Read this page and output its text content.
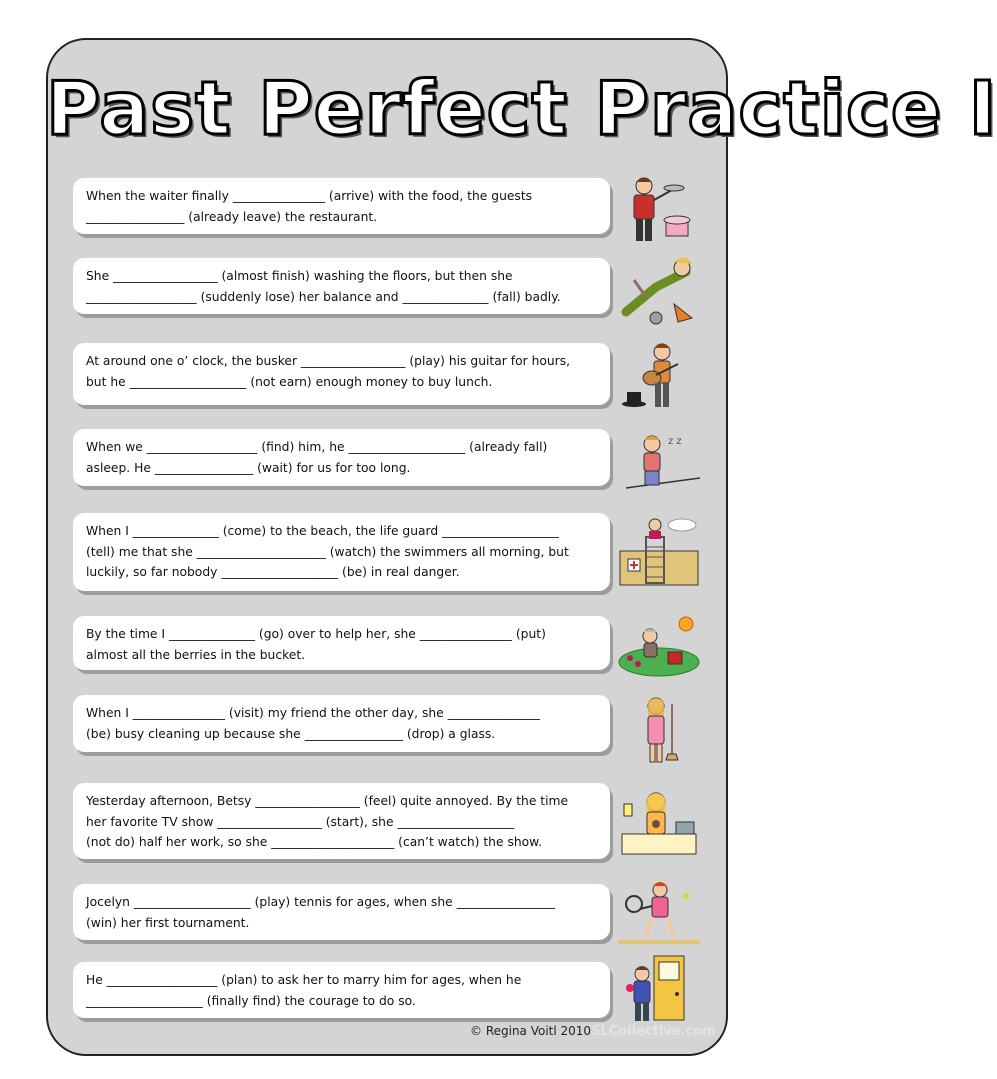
Past Perfect Practice I
When the waiter finally _______________ (arrive) with the food, the guests
________________ (already leave) the restaurant.
She _________________ (almost finish) washing the floors, but then she
__________________ (suddenly lose) her balance and ______________ (fall) badly.
At around one o’ clock, the busker _________________ (play) his guitar for hours,
but he ___________________ (not earn) enough money to buy lunch.
When we __________________ (find) him, he ___________________ (already fall)
asleep. He ________________ (wait) for us for too long.
z z
When I ______________ (come) to the beach, the life guard ___________________
(tell) me that she _____________________ (watch) the swimmers all morning, but
luckily, so far nobody ___________________ (be) in real danger.
By the time I ______________ (go) over to help her, she _______________ (put)
almost all the berries in the bucket.
When I _______________ (visit) my friend the other day, she _______________
(be) busy cleaning up because she ________________ (drop) a glass.
Yesterday afternoon, Betsy _________________ (feel) quite annoyed. By the time
her favorite TV show _________________ (start), she ___________________
(not do) half her work, so she ____________________ (can’t watch) the show.
Jocelyn ___________________ (play) tennis for ages, when she ________________
(win) her first tournament.
He __________________ (plan) to ask her to marry him for ages, when he
___________________ (finally find) the courage to do so.
© Regina Voitl 2010SLCollective.com
